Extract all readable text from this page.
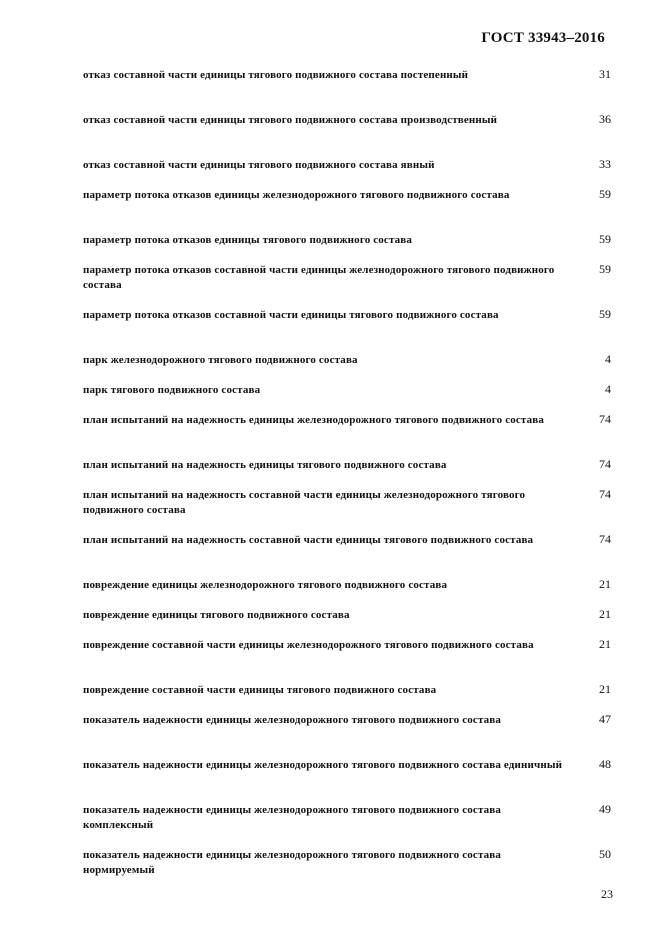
ГОСТ 33943–2016
отказ составной части единицы тягового подвижного состава постепенный	31
отказ составной части единицы тягового подвижного состава производственный	36
отказ составной части единицы тягового подвижного состава явный	33
параметр потока отказов единицы железнодорожного тягового подвижного состава	59
параметр потока отказов единицы тягового подвижного состава	59
параметр потока отказов составной части единицы железнодорожного тягового подвижного состава
59
параметр потока отказов составной части единицы тягового подвижного состава	59
парк железнодорожного тягового подвижного состава	4
парк тягового подвижного состава	4
план испытаний на надежность единицы железнодорожного тягового подвижного состава	74
план испытаний на надежность единицы тягового подвижного состава	74
план испытаний на надежность составной части единицы железнодорожного тягового подвижного состава
74
план испытаний на надежность составной части единицы тягового подвижного состава	74
повреждение единицы железнодорожного тягового подвижного состава	21
повреждение единицы тягового подвижного состава	21
повреждение составной части единицы железнодорожного тягового подвижного состава	21
повреждение составной части единицы тягового подвижного состава	21
показатель надежности единицы железнодорожного тягового подвижного состава	47
показатель надежности единицы железнодорожного тягового подвижного состава единичный	48
показатель надежности единицы железнодорожного тягового подвижного состава комплексный
49
показатель надежности единицы железнодорожного тягового подвижного состава нормируемый
50
23
